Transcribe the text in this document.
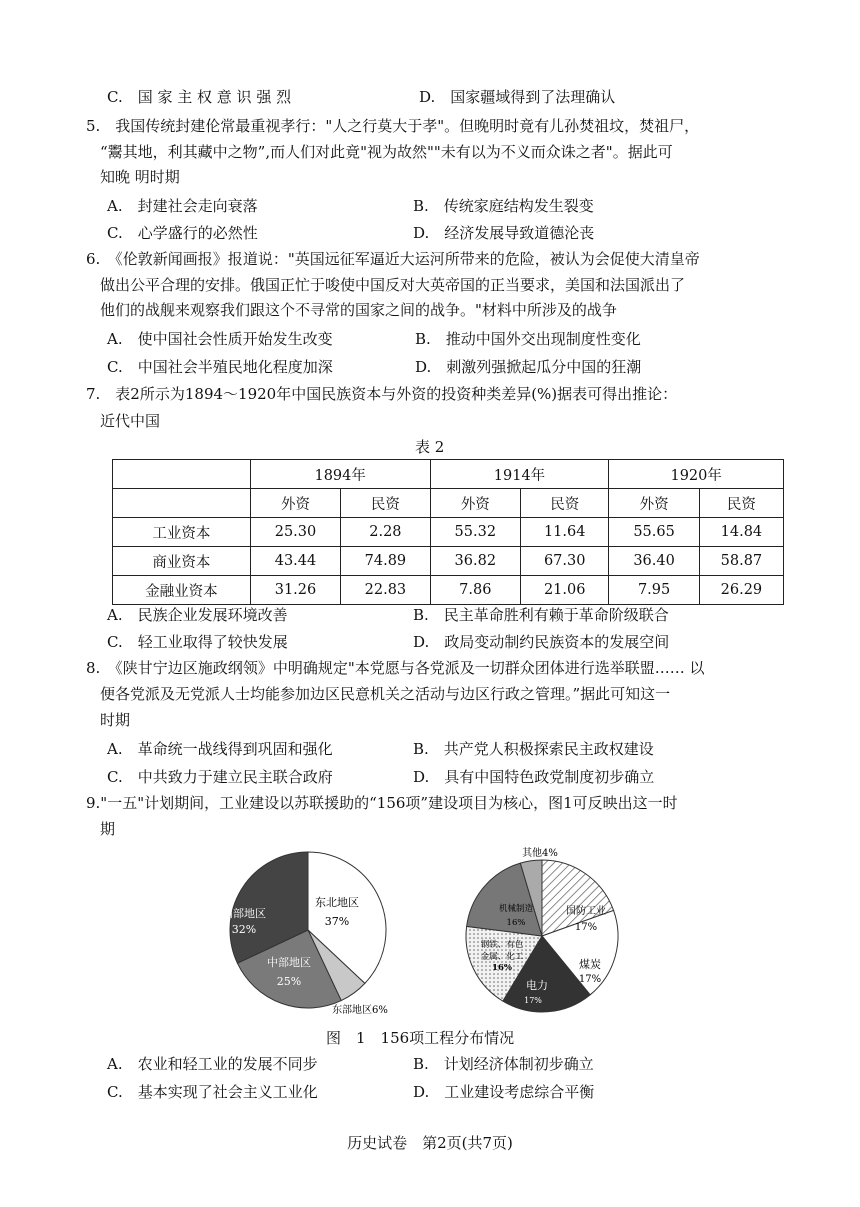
C.　国 家 主 权 意 识 强 烈	D.　国家疆域得到了法理确认
5.　我国传统封建伦常最重视孝行："人之行莫大于孝"。但晚明时竟有儿孙焚祖坟，焚祖尸，
“鬻其地，利其藏中之物”,而人们对此竟"视为故然""未有以为不义而众诛之者"。据此可
知晚 明时期
A.　封建社会走向衰落	B.　传统家庭结构发生裂变
C.　心学盛行的必然性	D.　经济发展导致道德沦丧
6.　《伦敦新闻画报》报道说："英国远征军逼近大运河所带来的危险，被认为会促使大清皇帝
做出公平合理的安排。俄国正忙于唆使中国反对大英帝国的正当要求，美国和法国派出了
他们的战舰来观察我们跟这个不寻常的国家之间的战争。"材料中所涉及的战争
A.　使中国社会性质开始发生改变	B.　推动中国外交出现制度性变化
C.　中国社会半殖民地化程度加深	D.　刺激列强掀起瓜分中国的狂潮
7.　表2所示为1894～1920年中国民族资本与外资的投资种类差异(%)据表可得出推论：
近代中国
表 2
	1894年		1914年		1920年	
	外资	民资	外资	民资	外资	民资
工业资本	25.30	2.28	55.32	11.64	55.65	14.84
商业资本	43.44	74.89	36.82	67.30	36.40	58.87
金融业资本	31.26	22.83	7.86	21.06	7.95	26.29
A.　民族企业发展环境改善	B.　民主革命胜利有赖于革命阶级联合
C.　轻工业取得了较快发展	D.　政局变动制约民族资本的发展空间
8.　《陕甘宁边区施政纲领》中明确规定"本党愿与各党派及一切群众团体进行选举联盟…… 以
便各党派及无党派人士均能参加边区民意机关之活动与边区行政之管理。”据此可知这一
时期
A.　革命统一战线得到巩固和强化	B.　共产党人积极探索民主政权建设
C.　中共致力于建立民主联合政府	D.　具有中国特色政党制度初步确立
9."一五"计划期间，工业建设以苏联援助的“156项”建设项目为核心，图1可反映出这一时
期
东北地区
37%
东部地区6%
中部地区
25%
西部地区
32%
国防工业
17%
煤炭
17%
电力
17%
钢铁、有色
金属、化工
16%
机械制造
16%
其他4%
图　1　156项工程分布情况
A.　农业和轻工业的发展不同步	B.　计划经济体制初步确立
C.　基本实现了社会主义工业化	D.　工业建设考虑综合平衡
历史试卷　第2页(共7页)
